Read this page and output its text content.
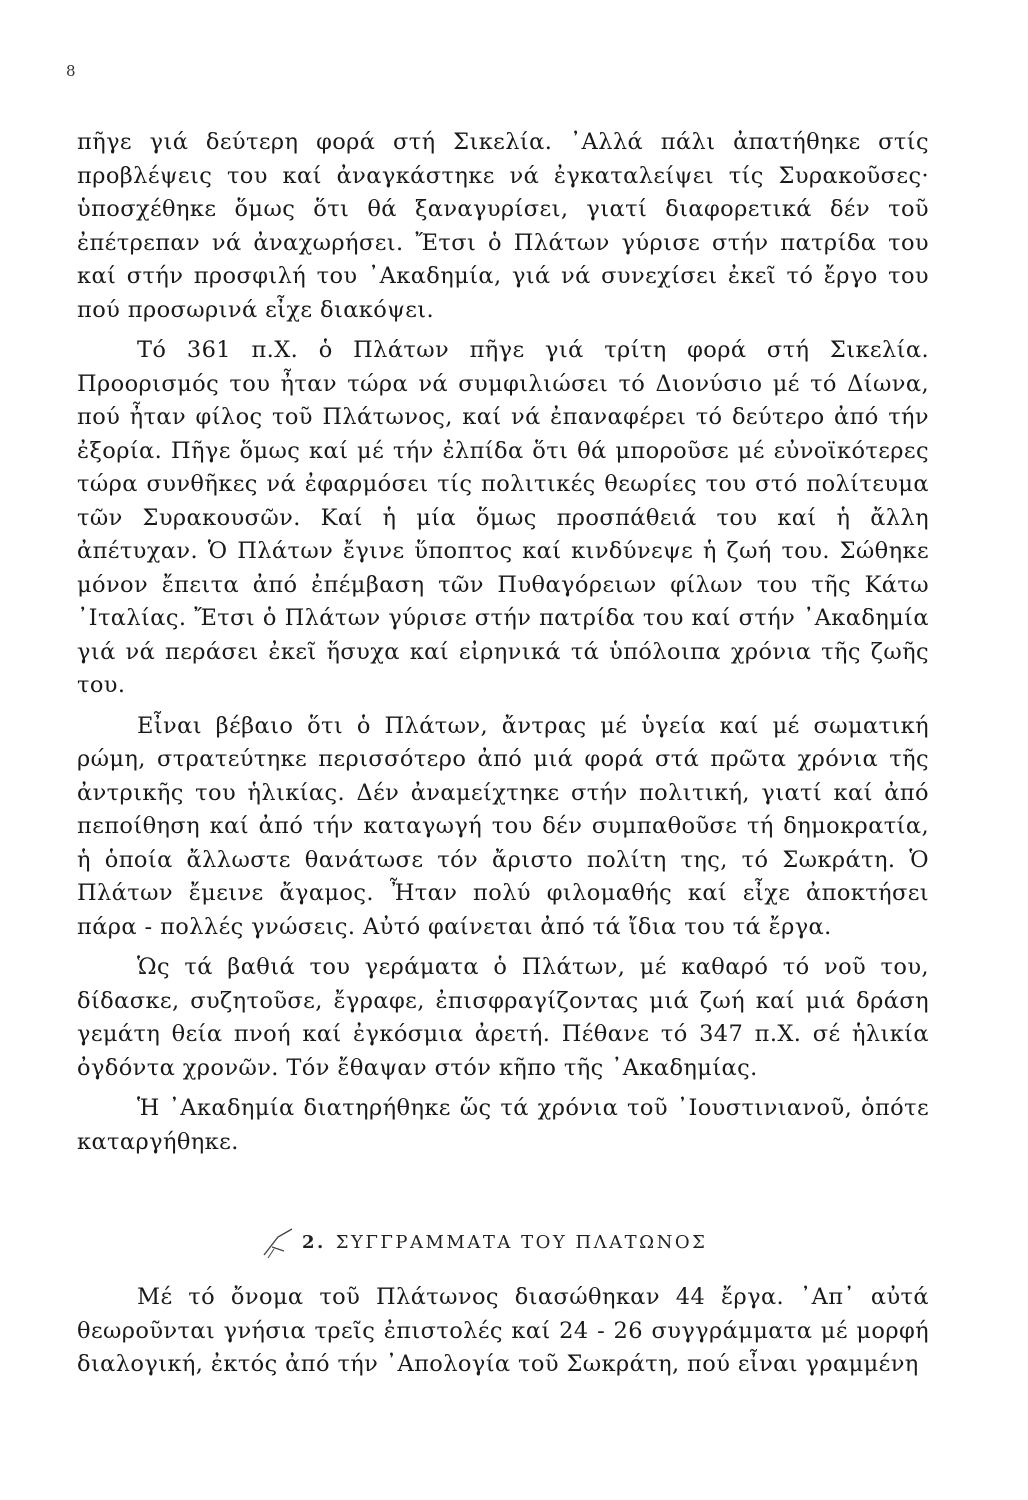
8

πῆγε γιά δεύτερη φορά στή Σικελία. ᾽Αλλά πάλι ἀπατήθηκε στίς προβλέψεις του καί ἀναγκάστηκε νά ἐγκαταλείψει τίς Συρακοῦσες· ὑποσχέθηκε ὅμως ὅτι θά ξαναγυρίσει, γιατί διαφορετικά δέν τοῦ ἐπέτρεπαν νά ἀναχωρήσει. Ἔτσι ὁ Πλάτων γύρισε στήν πατρίδα του καί στήν προσφιλή του ᾽Ακαδημία, γιά νά συνεχίσει ἐκεῖ τό ἔργο του πού προσωρινά εἶχε διακόψει.

Τό 361 π.Χ. ὁ Πλάτων πῆγε γιά τρίτη φορά στή Σικελία. Προορισμός του ἦταν τώρα νά συμφιλιώσει τό Διονύσιο μέ τό Δίωνα, πού ἦταν φίλος τοῦ Πλάτωνος, καί νά ἐπαναφέρει τό δεύτερο ἀπό τήν ἐξορία. Πῆγε ὅμως καί μέ τήν ἐλπίδα ὅτι θά μποροῦσε μέ εὐνοϊκότερες τώρα συνθῆκες νά ἐφαρμόσει τίς πολιτικές θεωρίες του στό πολίτευμα τῶν Συρακουσῶν. Καί ἡ μία ὅμως προσπάθειά του καί ἡ ἄλλη ἀπέτυχαν. Ὁ Πλάτων ἔγινε ὕποπτος καί κινδύνεψε ἡ ζωή του. Σώθηκε μόνον ἔπειτα ἀπό ἐπέμβαση τῶν Πυθαγόρειων φίλων του τῆς Κάτω ᾽Ιταλίας. Ἔτσι ὁ Πλάτων γύρισε στήν πατρίδα του καί στήν ᾽Ακαδημία γιά νά περάσει ἐκεῖ ἥσυχα καί εἰρηνικά τά ὑπόλοιπα χρόνια τῆς ζωῆς του.

Εἶναι βέβαιο ὅτι ὁ Πλάτων, ἄντρας μέ ὑγεία καί μέ σωματική ρώμη, στρατεύτηκε περισσότερο ἀπό μιά φορά στά πρῶτα χρόνια τῆς ἀντρικῆς του ἡλικίας. Δέν ἀναμείχτηκε στήν πολιτική, γιατί καί ἀπό πεποίθηση καί ἀπό τήν καταγωγή του δέν συμπαθοῦσε τή δημοκρατία, ἡ ὁποία ἄλλωστε θανάτωσε τόν ἄριστο πολίτη της, τό Σωκράτη. Ὁ Πλάτων ἔμεινε ἄγαμος. Ἦταν πολύ φιλομαθής καί εἶχε ἀποκτήσει πάρα - πολλές γνώσεις. Αὐτό φαίνεται ἀπό τά ἴδια του τά ἔργα.

Ὡς τά βαθιά του γεράματα ὁ Πλάτων, μέ καθαρό τό νοῦ του, δίδασκε, συζητοῦσε, ἔγραφε, ἐπισφραγίζοντας μιά ζωή καί μιά δράση γεμάτη θεία πνοή καί ἐγκόσμια ἀρετή. Πέθανε τό 347 π.Χ. σέ ἡλικία ὀγδόντα χρονῶν. Τόν ἔθαψαν στόν κῆπο τῆς ᾽Ακαδημίας.

Ἡ ᾽Ακαδημία διατηρήθηκε ὥς τά χρόνια τοῦ ᾽Ιουστινιανοῦ, ὁπότε καταργήθηκε.

2. ΣΥΓΓΡΑΜΜΑΤΑ ΤΟΥ ΠΛΑΤΩΝΟΣ

Μέ τό ὄνομα τοῦ Πλάτωνος διασώθηκαν 44 ἔργα. ᾽Απ᾽ αὐτά θεωροῦνται γνήσια τρεῖς ἐπιστολές καί 24 - 26 συγγράμματα μέ μορφή διαλογική, ἐκτός ἀπό τήν ᾽Απολογία τοῦ Σωκράτη, πού εἶναι γραμμένη
